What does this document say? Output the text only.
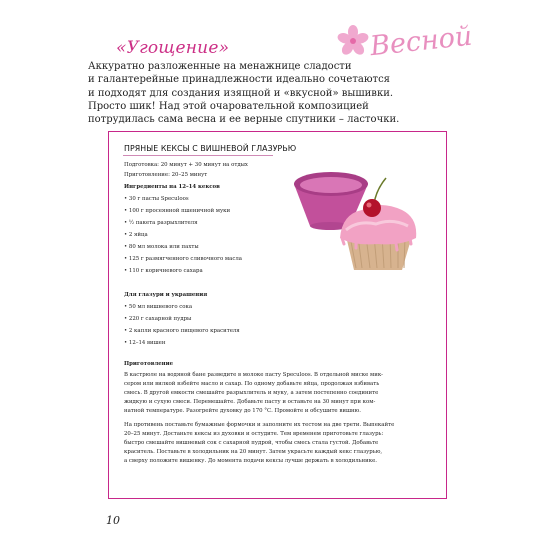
«Угощение»	Весной

Аккуратно разложенные на менажнице сладости

и галантерейные принадлежности идеально сочетаются

и подходят для создания изящной и «вкусной» вышивки.

Просто шик! Над этой очаровательной композицией

потрудилась сама весна и ее верные спутники – ласточки.

ПРЯНЫЕ КЕКСЫ С ВИШНЕВОЙ ГЛАЗУРЬЮ
Подготовка: 20 минут + 30 минут на отдых
Приготовление: 20–25 минут
Ингредиенты на 12–14 кексов
• 30 г пасты Speculoos
• 100 г просеянной пшеничной муки
• ½ пакета разрыхлителя
• 2 яйца
• 80 мл молока или пахты
• 125 г размягченного сливочного масла
• 110 г коричневого сахара
Для глазури и украшения
• 50 мл вишневого сока
• 220 г сахарной пудры
• 2 капли красного пищевого красителя
• 12–14 вишен
Приготовление
В кастрюле на водяной бане разведите в молоке пасту Speculoos. В отдельной миске мик-
сером или вилкой взбейте масло и сахар. По одному добавьте яйца, продолжая взбивать
смесь. В другой емкости смешайте разрыхлитель и муку, а затем постепенно соедините
жидкую и сухую смеси. Перемешайте. Добавьте пасту и оставьте на 30 минут при ком-
натной температуре. Разогрейте духовку до 170 °С. Промойте и обсушите вишню.
На противень поставьте бумажные формочки и заполните их тестом на две трети. Выпекайте
20–25 минут. Достаньте кексы из духовки и остудите. Тем временем приготовьте глазурь:
быстро смешайте вишневый сок с сахарной пудрой, чтобы смесь стала густой. Добавьте
краситель. Поставьте в холодильник на 20 минут. Затем украсьте каждый кекс глазурью,
а сверху положите вишенку. До момента подачи кексы лучше держать в холодильнике.
10
